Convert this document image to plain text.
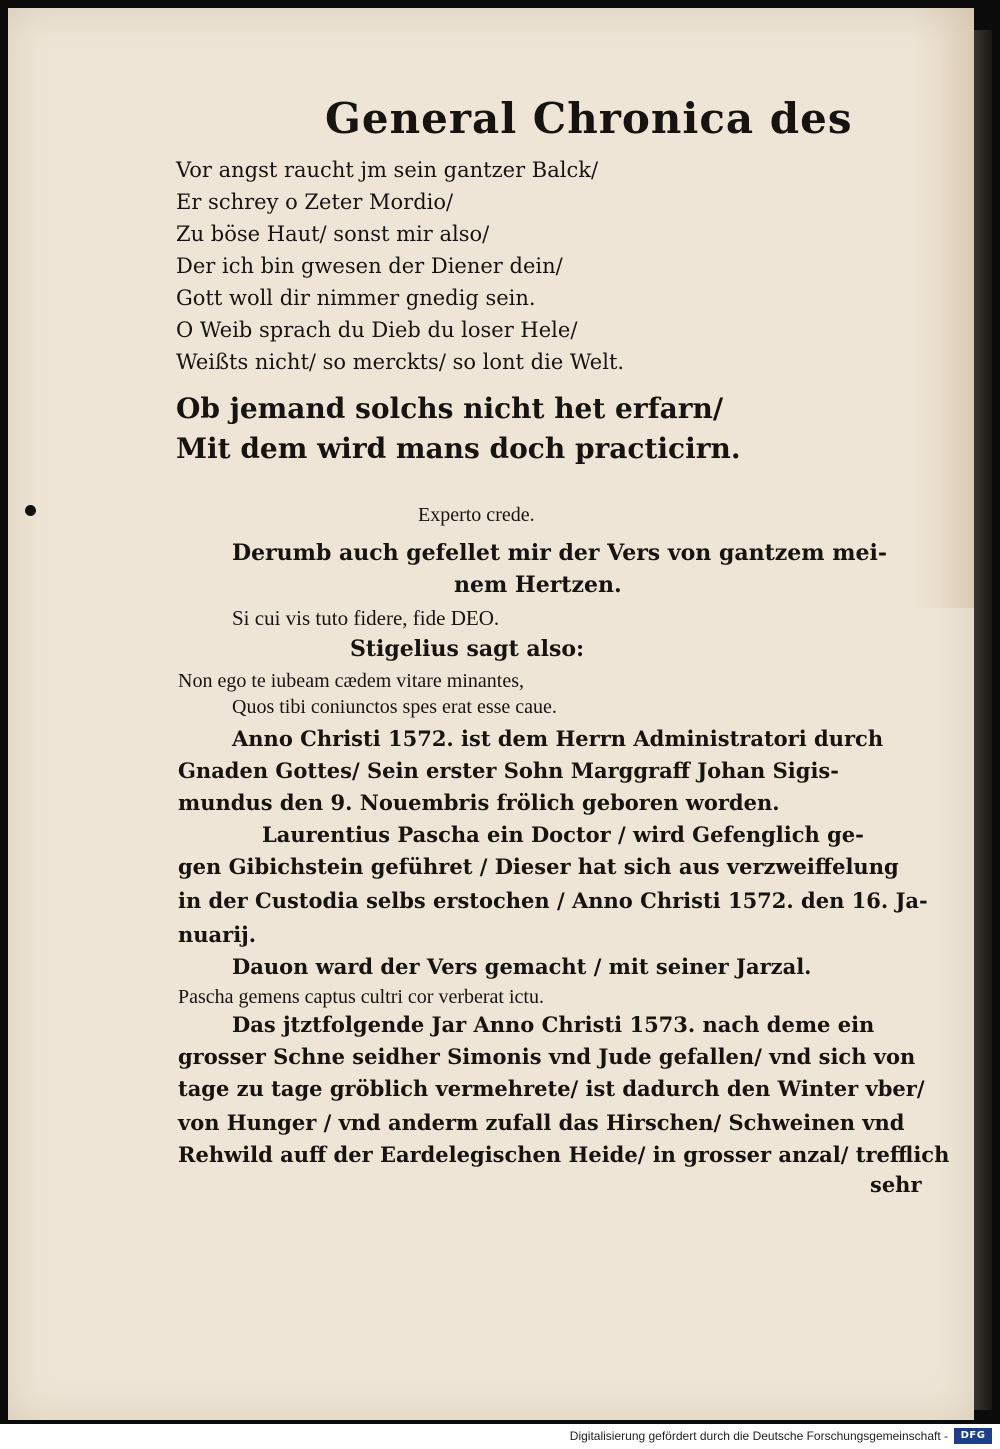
General Chronica des
Vor angst raucht jm sein gantzer Balck/
Er schrey o Zeter Mordio/
Zu böse Haut/ sonst mir also/
Der ich bin gwesen der Diener dein/
Gott woll dir nimmer gnedig sein.
O Weib sprach du Dieb du loser Hele/
Weißts nicht/ so merckts/ so lont die Welt.
Ob jemand solchs nicht het erfarn/
Mit dem wird mans doch practicirn.
Experto crede.
Derumb auch gefellet mir der Vers von gantzem mei-
nem Hertzen.
Si cui vis tuto fidere, fide DEO.
Stigelius sagt also:
Non ego te iubeam cædem vitare minantes,
Quos tibi coniunctos spes erat esse caue.
Anno Christi 1572. ist dem Herrn Administratori durch
Gnaden Gottes/ Sein erster Sohn Marggraff Johan Sigis-
mundus den 9. Nouembris frölich geboren worden.
Laurentius Pascha ein Doctor / wird Gefenglich ge-
gen Gibichstein geführet / Dieser hat sich aus verzweiffelung
in der Custodia selbs erstochen / Anno Christi 1572. den 16. Ja-
nuarij.
Dauon ward der Vers gemacht / mit seiner Jarzal.
Pascha gemens captus cultri cor verberat ictu.
Das jtztfolgende Jar Anno Christi 1573. nach deme ein
grosser Schne seidher Simonis vnd Jude gefallen/ vnd sich von
tage zu tage gröblich vermehrete/ ist dadurch den Winter vber/
von Hunger / vnd anderm zufall das Hirschen/ Schweinen vnd
Rehwild auff der Eardelegischen Heide/ in grosser anzal/ trefflich
sehr
Digitalisierung gefördert durch die Deutsche Forschungsgemeinschaft -	DFG
